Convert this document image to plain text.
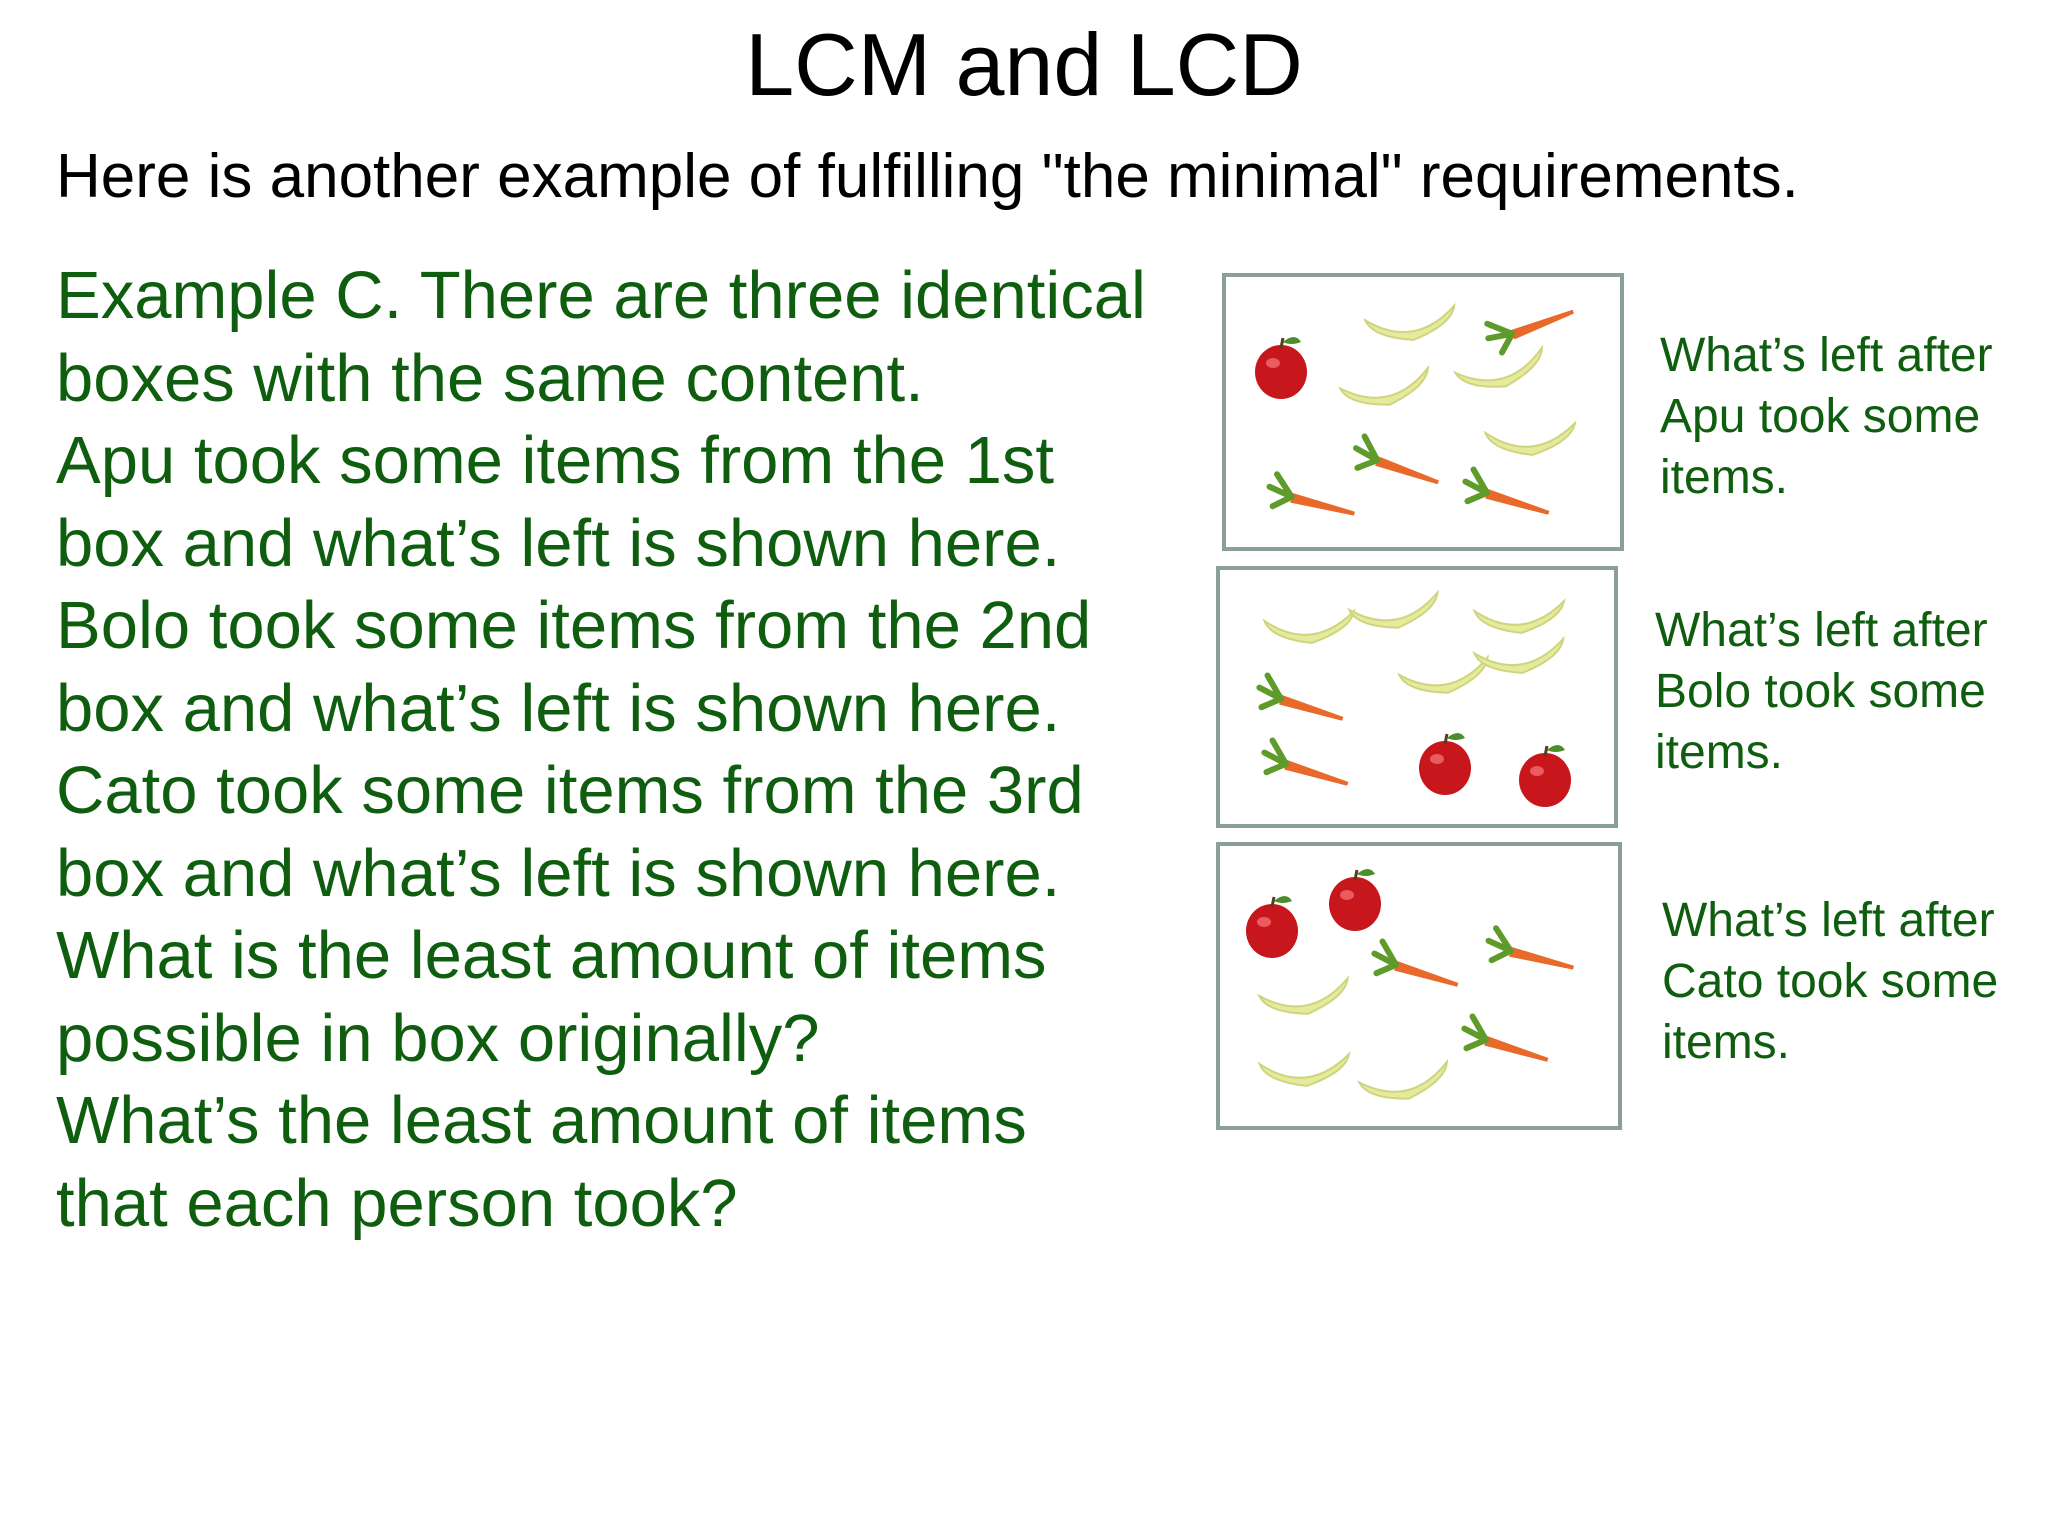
LCM and LCD
Here is another example of fulfilling "the minimal" requirements.
Example C. There are three identical
boxes with the same content.
Apu took some items from the 1st
box and what’s left is shown here.
Bolo took some items from the 2nd
box and what’s left is shown here.
Cato took some items from the 3rd
box and what’s left is shown here.
What is the least amount of items
possible in box originally?
What’s the least amount of items
that each person took?
What’s left after
Apu took some
items.
What’s left after
Bolo took some
items.
What’s left after
Cato took some
items.
